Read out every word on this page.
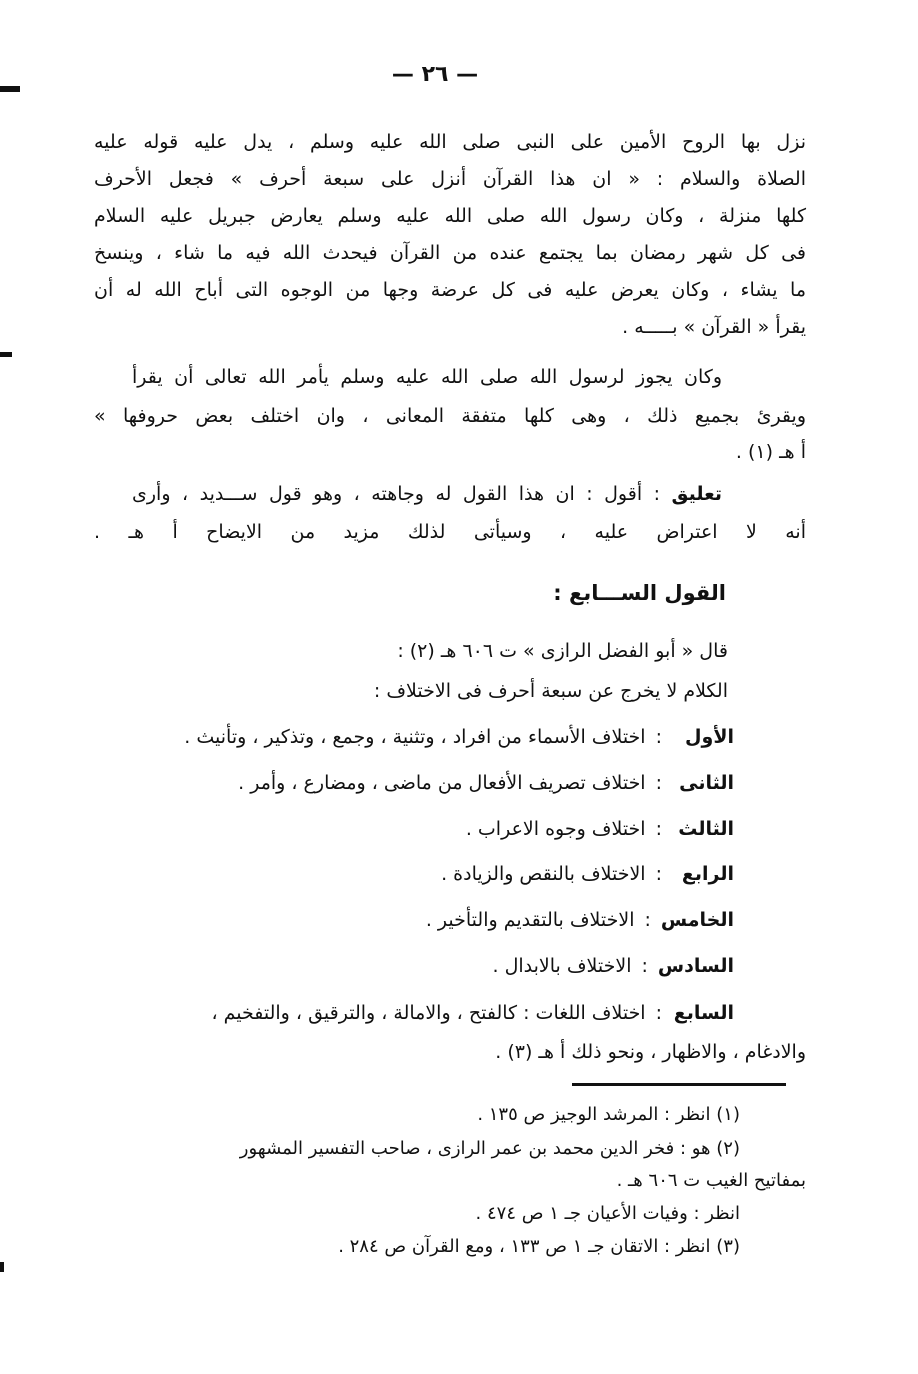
— ٢٦ —
نزل بها الروح الأمين على النبى صلى الله عليه وسلم ، يدل عليه قوله عليه
الصلاة والسلام : « ان هذا القرآن أنزل على سبعة أحرف » فجعل الأحرف
كلها منزلة ، وكان رسول الله صلى الله عليه وسلم يعارض جبريل عليه السلام
فى كل شهر رمضان بما يجتمع عنده من القرآن فيحدث الله فيه ما شاء ، وينسخ
ما يشاء ، وكان يعرض عليه فى كل عرضة وجها من الوجوه التى أباح الله له أن
يقرأ « القرآن » بـــــه .
وكان يجوز لرسول الله صلى الله عليه وسلم يأمر الله تعالى أن يقرأ
ويقرئ بجميع ذلك ، وهى كلها متفقة المعانى ، وان اختلف بعض حروفها »
أ هـ (١) .
تعليق : أقول : ان هذا القول له وجاهته ، وهو قول ســـديد ، وأرى
أنه لا اعتراض عليه ، وسيأتى لذلك مزيد من الايضاح أ هـ .
القول الســـابع :
قال « أبو الفضل الرازى » ت ٦٠٦ هـ (٢) :
الكلام لا يخرج عن سبعة أحرف فى الاختلاف :
الأول:اختلاف الأسماء من افراد ، وتثنية ، وجمع ، وتذكير ، وتأنيث .
الثانى:اختلاف تصريف الأفعال من ماضى ، ومضارع ، وأمر .
الثالث:اختلاف وجوه الاعراب .
الرابع:الاختلاف بالنقص والزيادة .
الخامس:الاختلاف بالتقديم والتأخير .
السادس:الاختلاف بالابدال .
السابع:اختلاف اللغات : كالفتح ، والامالة ، والترقيق ، والتفخيم ،
والادغام ، والاظهار ، ونحو ذلك أ هـ (٣) .
(١) انظر : المرشد الوجيز ص ١٣٥ .
(٢) هو : فخر الدين محمد بن عمر الرازى ، صاحب التفسير المشهور
بمفاتيح الغيب ت ٦٠٦ هـ .
انظر : وفيات الأعيان جـ ١ ص ٤٧٤ .
(٣) انظر : الاتقان جـ ١ ص ١٣٣ ، ومع القرآن ص ٢٨٤ .
